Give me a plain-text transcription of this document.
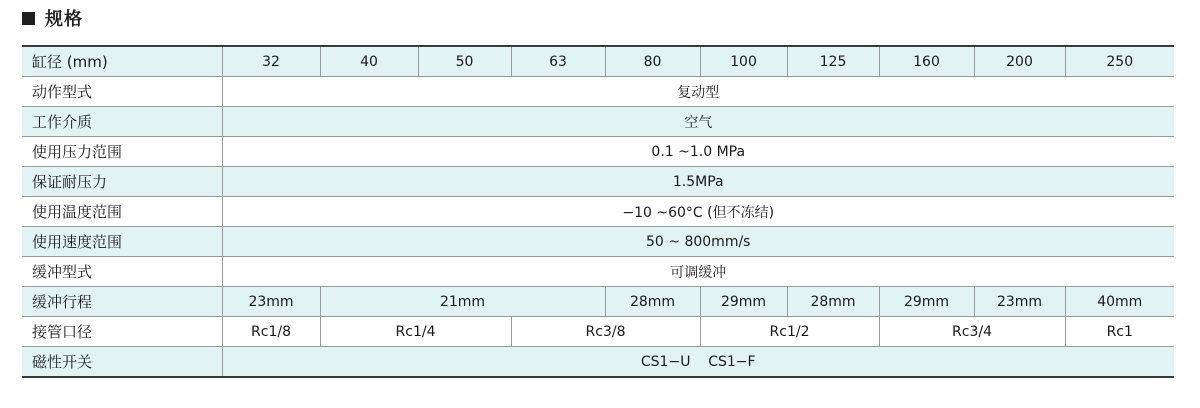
规格
缸径 (mm)	32	40	50	63	80	100	125	160	200	250
动作型式	复动型									
工作介质	空气									
使用压力范围	0.1 ~1.0 MPa									
保证耐压力	1.5MPa									
使用温度范围	−10 ~60°C (但不冻结)									
使用速度范围	50 ~ 800mm/s									
缓冲型式	可调缓冲									
缓冲行程	23mm	21mm			28mm	29mm	28mm	29mm	23mm	40mm
接管口径	Rc1/8	Rc1/4		Rc3/8		Rc1/2		Rc3/4		Rc1
磁性开关	CS1−U    CS1−F									
